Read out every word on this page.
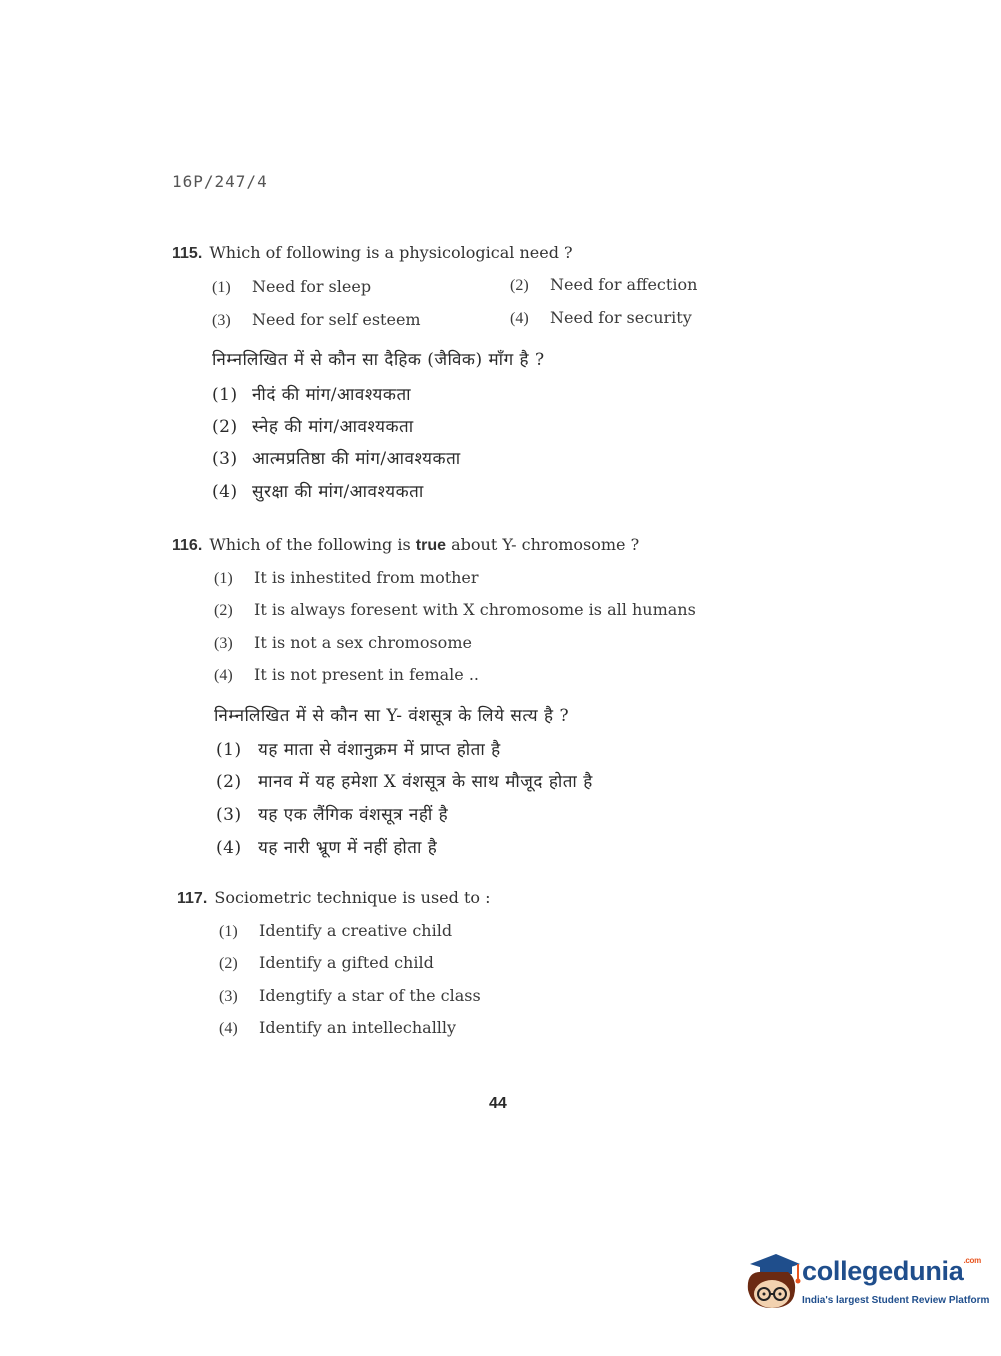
16P/247/4
115. Which of following is a physicological need ?
(1) Need for sleep	(2) Need for affection
(3) Need for self esteem	(4) Need for security
निम्नलिखित में से कौन सा दैहिक (जैविक) माँग है ?
(1) नीदं की मांग/आवश्यकता
(2) स्नेह की मांग/आवश्यकता
(3) आत्मप्रतिष्ठा की मांग/आवश्यकता
(4) सुरक्षा की मांग/आवश्यकता
116. Which of the following is true about Y- chromosome ?
(1) It is inhestited from mother
(2) It is always foresent with X chromosome is all humans
(3) It is not a sex chromosome
(4) It is not present in female ..
निम्नलिखित में से कौन सा Y- वंशसूत्र के लिये सत्य है ?
(1) यह माता से वंशानुक्रम में प्राप्त होता है
(2) मानव में यह हमेशा X वंशसूत्र के साथ मौजूद होता है
(3) यह एक लैंगिक वंशसूत्र नहीं है
(4) यह नारी भ्रूण में नहीं होता है
117. Sociometric technique is used to :
(1) Identify a creative child
(2) Identify a gifted child
(3) Idengtify a star of the class
(4) Identify an intellechallly
44
collegedunia$^{.com}$
India's largest Student Review Platform
